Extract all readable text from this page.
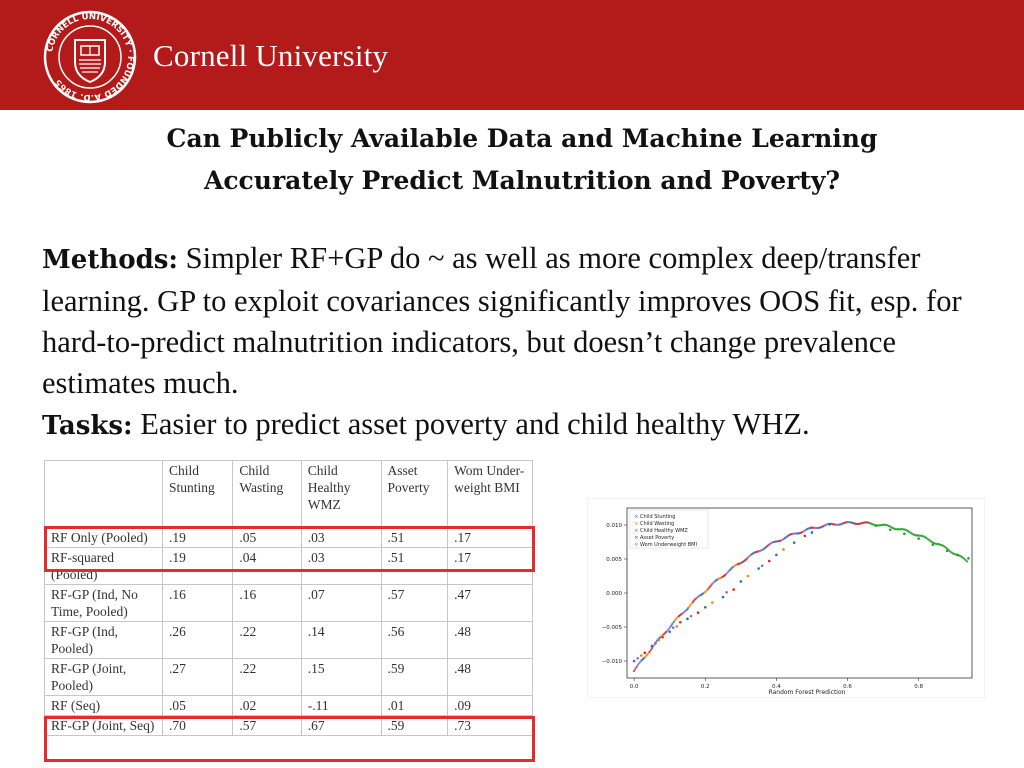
CORNELL UNIVERSITY · FOUNDED A.D. 1865
Cornell University
Can Publicly Available Data and Machine Learning
Accurately Predict Malnutrition and Poverty?
Methods: Simpler RF+GP do ~ as well as more complex deep/transfer learning. GP to exploit covariances significantly improves OOS fit, esp. for hard-to-predict malnutrition indicators, but doesn’t change prevalence estimates much.
Tasks: Easier to predict asset poverty and child healthy WHZ.
	Child Stunting	Child Wasting	Child Healthy WMZ	Asset Poverty	Wom Under-weight BMI
RF Only (Pooled)	.19	.05	.03	.51	.17
RF-squared (Pooled)	.19	.04	.03	.51	.17
RF-GP (Ind, No Time, Pooled)	.16	.16	.07	.57	.47
RF-GP (Ind, Pooled)	.26	.22	.14	.56	.48
RF-GP (Joint, Pooled)	.27	.22	.15	.59	.48
RF (Seq)	.05	.02	-.11	.01	.09
RF-GP (Joint, Seq)	.70	.57	.67	.59	.73
0.0	0.2	0.4	0.6	0.8
0.010
0.005
0.000
−0.005
−0.010
× Child Stunting
× Child Wasting
× Child Healthy WMZ
× Asset Poverty
× Wom Underweight BMI
Random Forest Prediction
